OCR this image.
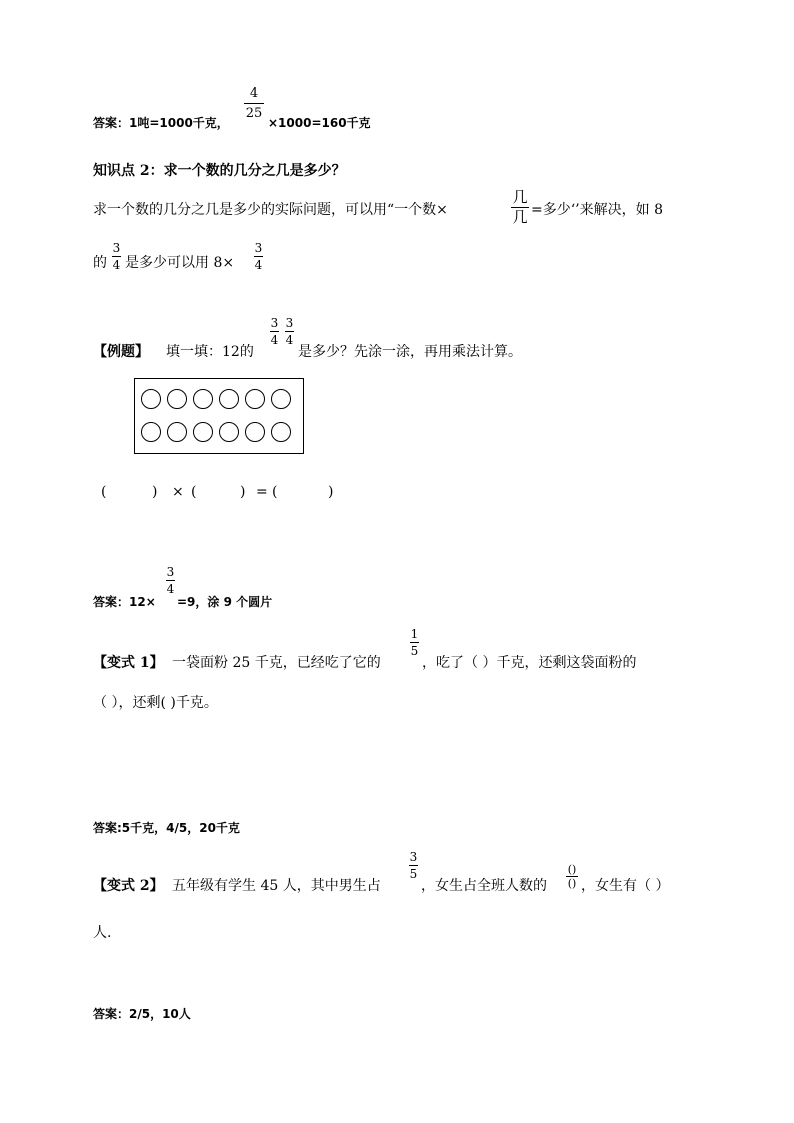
答案：1吨=1000千克，
4
25
×1000=160千克
知识点 2：求一个数的几分之几是多少？
求一个数的几分之几是多少的实际问题，可以用“一个数×
几
几 =多少‘’来解决，如 8
的
3
4 是多少可以用 8×
3
4
【例题】 填一填：12的
3
4
3
4
是多少？先涂一涂，再用乘法计算。
(	) × (	) = (	)
答案：12×
3
4
=9，涂 9 个圆片
【变式 1】 一袋面粉 25 千克，已经吃了它的
1
5
，吃了（ ）千克，还剩这袋面粉的
（ ），还剩( )千克。
答案:5千克，4/5，20千克
【变式 2】 五年级有学生 45 人，其中男生占
3
5
，女生占全班人数的
()
() ，女生有（ ）
人.
答案：2/5，10人
